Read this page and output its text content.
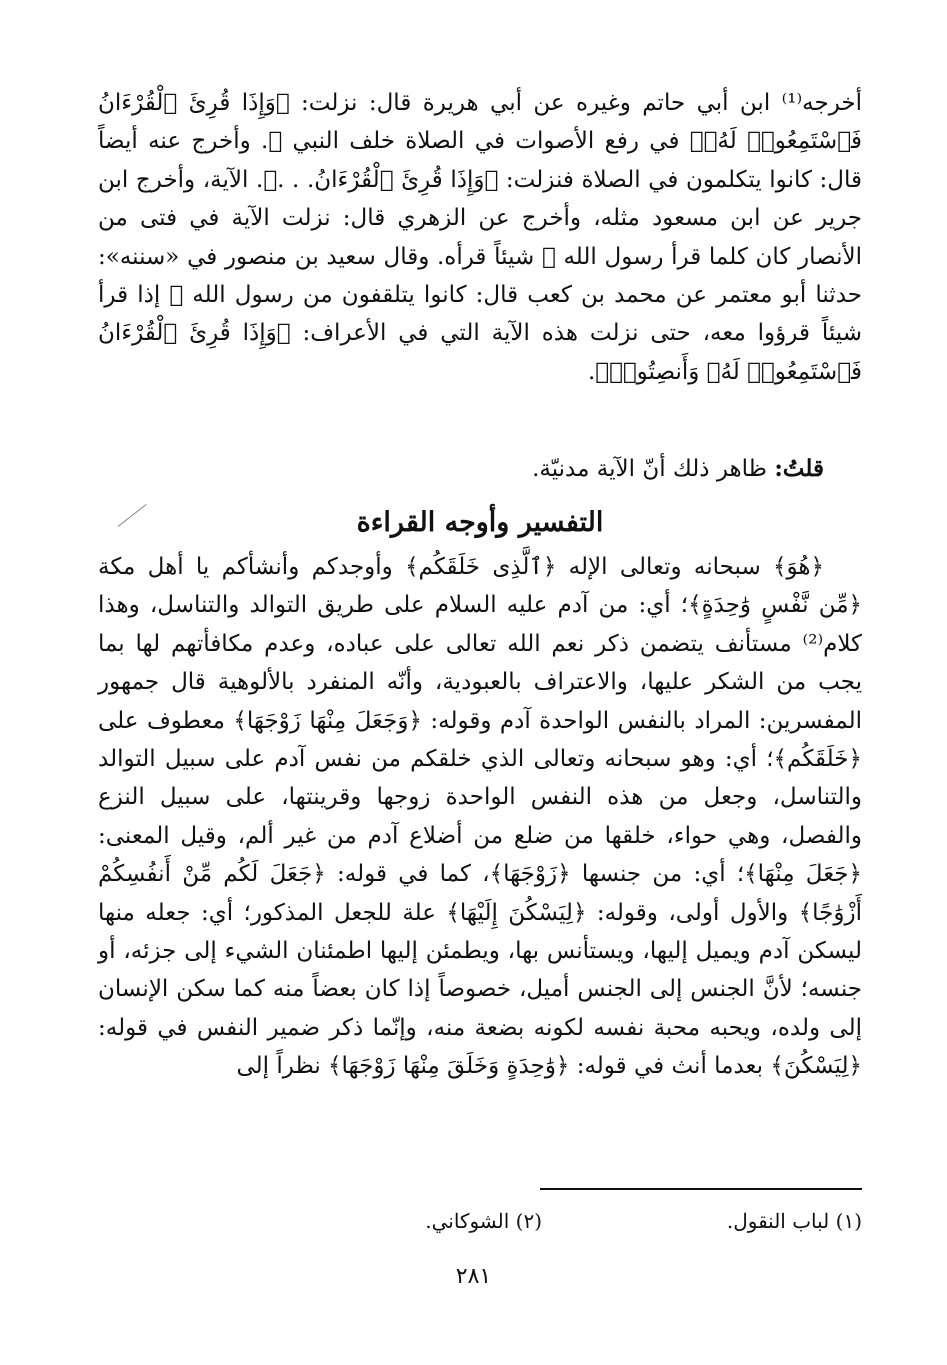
أخرجه⁽¹⁾ ابن أبي حاتم وغيره عن أبي هريرة قال: نزلت: ﴿وَإِذَا قُرِئَ ٱلْقُرْءَانُ فَٱسْتَمِعُوا۟ لَهُۥ﴾ في رفع الأصوات في الصلاة خلف النبي ﷺ. وأخرج عنه أيضاً قال: كانوا يتكلمون في الصلاة فنزلت: ﴿وَإِذَا قُرِئَ ٱلْقُرْءَانُ. . .﴾. الآية، وأخرج ابن جرير عن ابن مسعود مثله، وأخرج عن الزهري قال: نزلت الآية في فتى من الأنصار كان كلما قرأ رسول الله ﷺ شيئاً قرأه. وقال سعيد بن منصور في «سننه»: حدثنا أبو معتمر عن محمد بن كعب قال: كانوا يتلقفون من رسول الله ﷺ إذا قرأ شيئاً قرؤوا معه، حتى نزلت هذه الآية التي في الأعراف: ﴿وَإِذَا قُرِئَ ٱلْقُرْءَانُ فَٱسْتَمِعُوا۟ لَهُۥ وَأَنصِتُوا۟﴾.

قلتُ: ظاهر ذلك أنّ الآية مدنيّة.
التفسير وأوجه القراءة

﴿هُوَ﴾ سبحانه وتعالى الإله ﴿ٱلَّذِى خَلَقَكُم﴾ وأوجدكم وأنشأكم يا أهل مكة ﴿مِّن نَّفْسٍ وَٰحِدَةٍ﴾؛ أي: من آدم عليه السلام على طريق التوالد والتناسل، وهذا كلام⁽²⁾ مستأنف يتضمن ذكر نعم الله تعالى على عباده، وعدم مكافأتهم لها بما يجب من الشكر عليها، والاعتراف بالعبودية، وأنّه المنفرد بالألوهية قال جمهور المفسرين: المراد بالنفس الواحدة آدم وقوله: ﴿وَجَعَلَ مِنْهَا زَوْجَهَا﴾ معطوف على ﴿خَلَقَكُم﴾؛ أي: وهو سبحانه وتعالى الذي خلقكم من نفس آدم على سبيل التوالد والتناسل، وجعل من هذه النفس الواحدة زوجها وقرينتها، على سبيل النزع والفصل، وهي حواء، خلقها من ضلع من أضلاع آدم من غير ألم، وقيل المعنى: ﴿جَعَلَ مِنْهَا﴾؛ أي: من جنسها ﴿زَوْجَهَا﴾، كما في قوله: ﴿جَعَلَ لَكُم مِّنْ أَنفُسِكُمْ أَزْوَٰجًا﴾ والأول أولى، وقوله: ﴿لِيَسْكُنَ إِلَيْهَا﴾ علة للجعل المذكور؛ أي: جعله منها ليسكن آدم ويميل إليها، ويستأنس بها، ويطمئن إليها اطمئنان الشيء إلى جزئه، أو جنسه؛ لأنَّ الجنس إلى الجنس أميل، خصوصاً إذا كان بعضاً منه كما سكن الإنسان إلى ولده، ويحبه محبة نفسه لكونه بضعة منه، وإنّما ذكر ضمير النفس في قوله: ﴿لِيَسْكُنَ﴾ بعدما أنث في قوله: ﴿وَٰحِدَةٍ وَخَلَقَ مِنْهَا زَوْجَهَا﴾ نظراً إلى

(١) لباب النقول.
(٢) الشوكاني.
٢٨١
